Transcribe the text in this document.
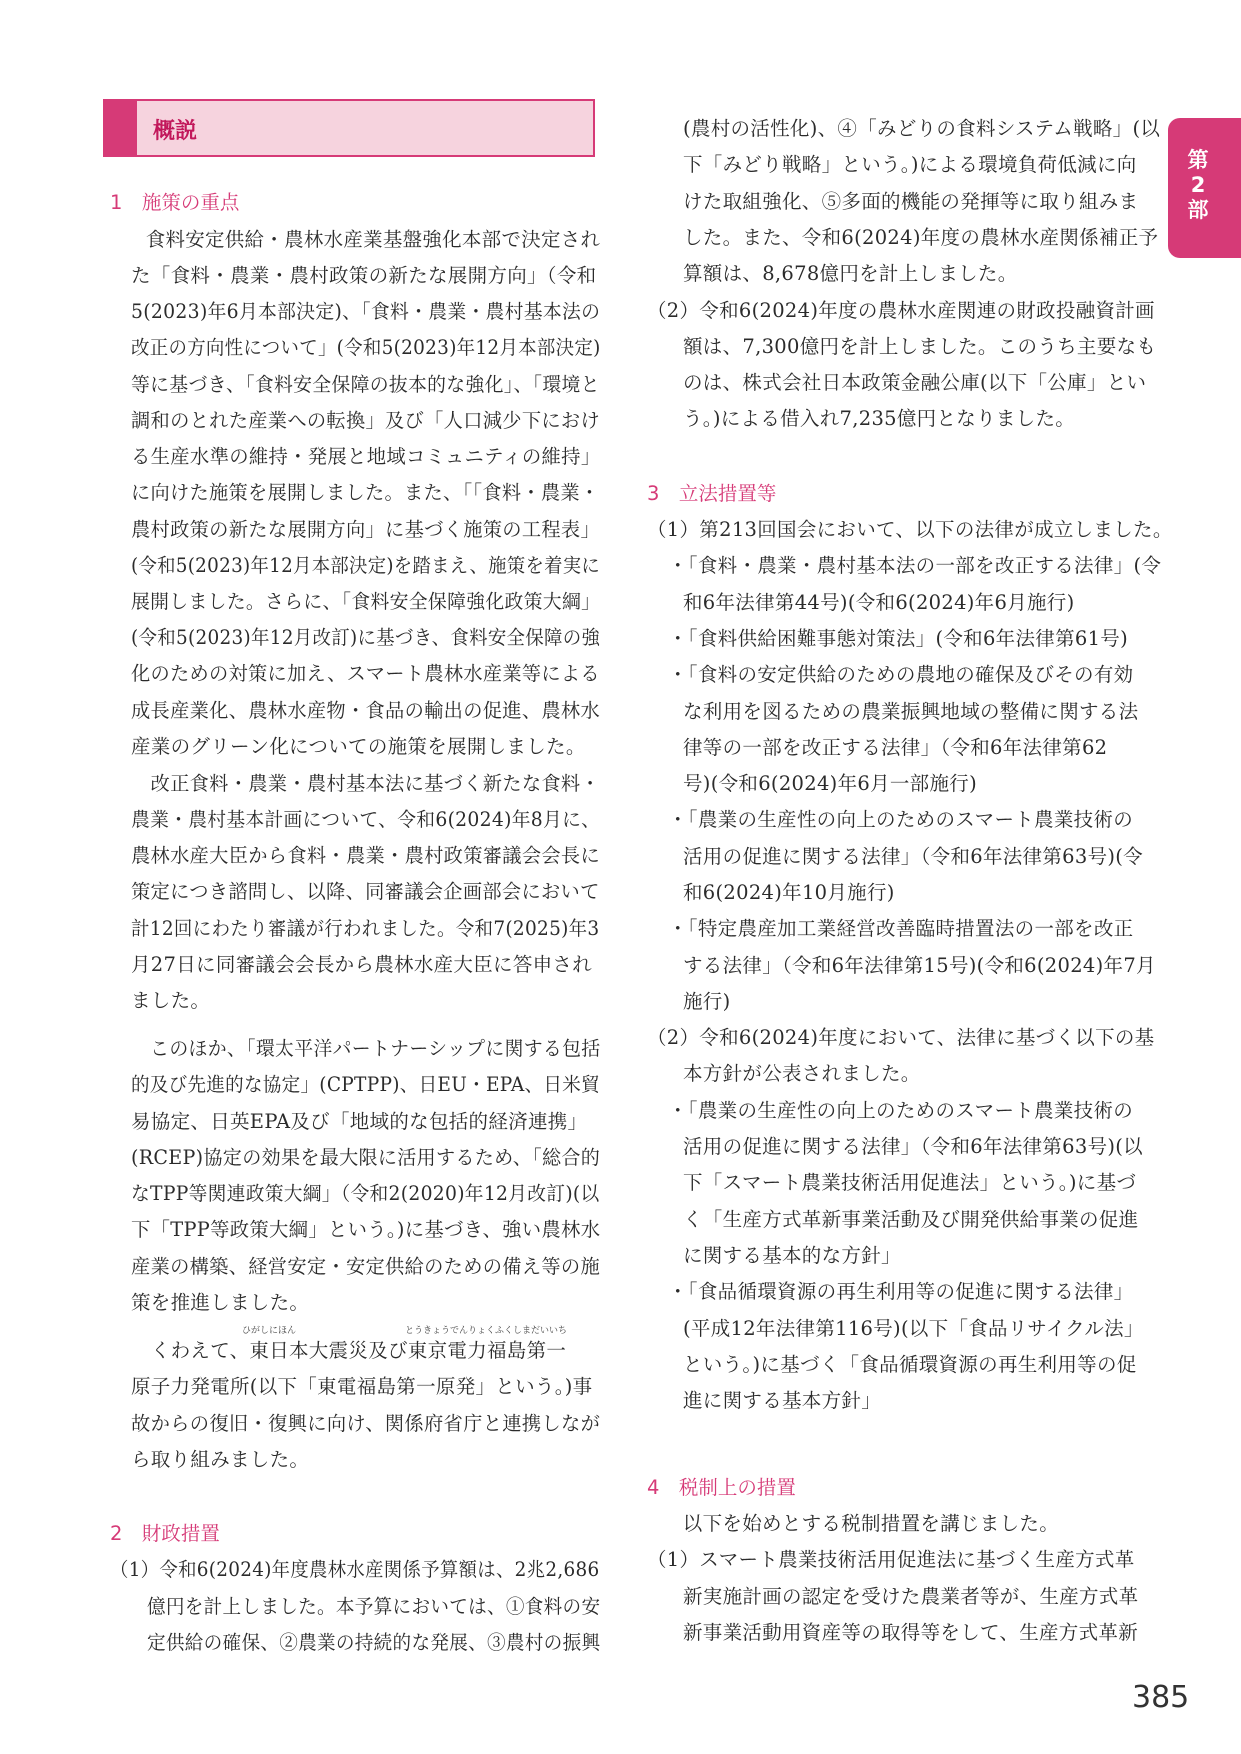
概説
第
2
部
1　施策の重点
　食料安定供給・農林水産業基盤強化本部で決定され
た「食料・農業・農村政策の新たな展開方向」（令和
5(2023)年6月本部決定)、「食料・農業・農村基本法の
改正の方向性について」(令和5(2023)年12月本部決定)
等に基づき、「食料安全保障の抜本的な強化」、「環境と
調和のとれた産業への転換」及び「人口減少下におけ
る生産水準の維持・発展と地域コミュニティの維持」
に向けた施策を展開しました。また、「「食料・農業・
農村政策の新たな展開方向」に基づく施策の工程表」
(令和5(2023)年12月本部決定)を踏まえ、施策を着実に
展開しました。さらに、「食料安全保障強化政策大綱」
(令和5(2023)年12月改訂)に基づき、食料安全保障の強
化のための対策に加え、スマート農林水産業等による
成長産業化、農林水産物・食品の輸出の促進、農林水
産業のグリーン化についての施策を展開しました。
　改正食料・農業・農村基本法に基づく新たな食料・
農業・農村基本計画について、令和6(2024)年8月に、
農林水産大臣から食料・農業・農村政策審議会会長に
策定につき諮問し、以降、同審議会企画部会において
計12回にわたり審議が行われました。令和7(2025)年3
月27日に同審議会会長から農林水産大臣に答申され
ました。
　このほか、「環太平洋パートナーシップに関する包括
的及び先進的な協定」(CPTPP)、日EU・EPA、日米貿
易協定、日英EPA及び「地域的な包括的経済連携」
(RCEP)協定の効果を最大限に活用するため、「総合的
なTPP等関連政策大綱」（令和2(2020)年12月改訂)(以
下「TPP等政策大綱」という。)に基づき、強い農林水
産業の構築、経営安定・安定供給のための備え等の施
策を推進しました。
ひがしにほん	とうきょうでんりょくふくしまだいいち
　くわえて、東日本大震災及び東京電力福島第一
原子力発電所(以下「東電福島第一原発」という。)事
故からの復旧・復興に向け、関係府省庁と連携しなが
ら取り組みました。
2　財政措置
（1）令和6(2024)年度農林水産関係予算額は、2兆2,686
億円を計上しました。本予算においては、①食料の安
定供給の確保、②農業の持続的な発展、③農村の振興
(農村の活性化)、④「みどりの食料システム戦略」(以
下「みどり戦略」という。)による環境負荷低減に向
けた取組強化、⑤多面的機能の発揮等に取り組みま
した。また、令和6(2024)年度の農林水産関係補正予
算額は、8,678億円を計上しました。
（2）令和6(2024)年度の農林水産関連の財政投融資計画
額は、7,300億円を計上しました。このうち主要なも
のは、株式会社日本政策金融公庫(以下「公庫」とい
う。)による借入れ7,235億円となりました。
3　立法措置等
（1）第213回国会において、以下の法律が成立しました。
・「食料・農業・農村基本法の一部を改正する法律」(令
和6年法律第44号)(令和6(2024)年6月施行)
・「食料供給困難事態対策法」(令和6年法律第61号)
・「食料の安定供給のための農地の確保及びその有効
な利用を図るための農業振興地域の整備に関する法
律等の一部を改正する法律」（令和6年法律第62
号)(令和6(2024)年6月一部施行)
・「農業の生産性の向上のためのスマート農業技術の
活用の促進に関する法律」（令和6年法律第63号)(令
和6(2024)年10月施行)
・「特定農産加工業経営改善臨時措置法の一部を改正
する法律」（令和6年法律第15号)(令和6(2024)年7月
施行)
（2）令和6(2024)年度において、法律に基づく以下の基
本方針が公表されました。
・「農業の生産性の向上のためのスマート農業技術の
活用の促進に関する法律」（令和6年法律第63号)(以
下「スマート農業技術活用促進法」という。)に基づ
く「生産方式革新事業活動及び開発供給事業の促進
に関する基本的な方針」
・「食品循環資源の再生利用等の促進に関する法律」
(平成12年法律第116号)(以下「食品リサイクル法」
という。)に基づく「食品循環資源の再生利用等の促
進に関する基本方針」
4　税制上の措置
　以下を始めとする税制措置を講じました。
（1）スマート農業技術活用促進法に基づく生産方式革
新実施計画の認定を受けた農業者等が、生産方式革
新事業活動用資産等の取得等をして、生産方式革新
385
